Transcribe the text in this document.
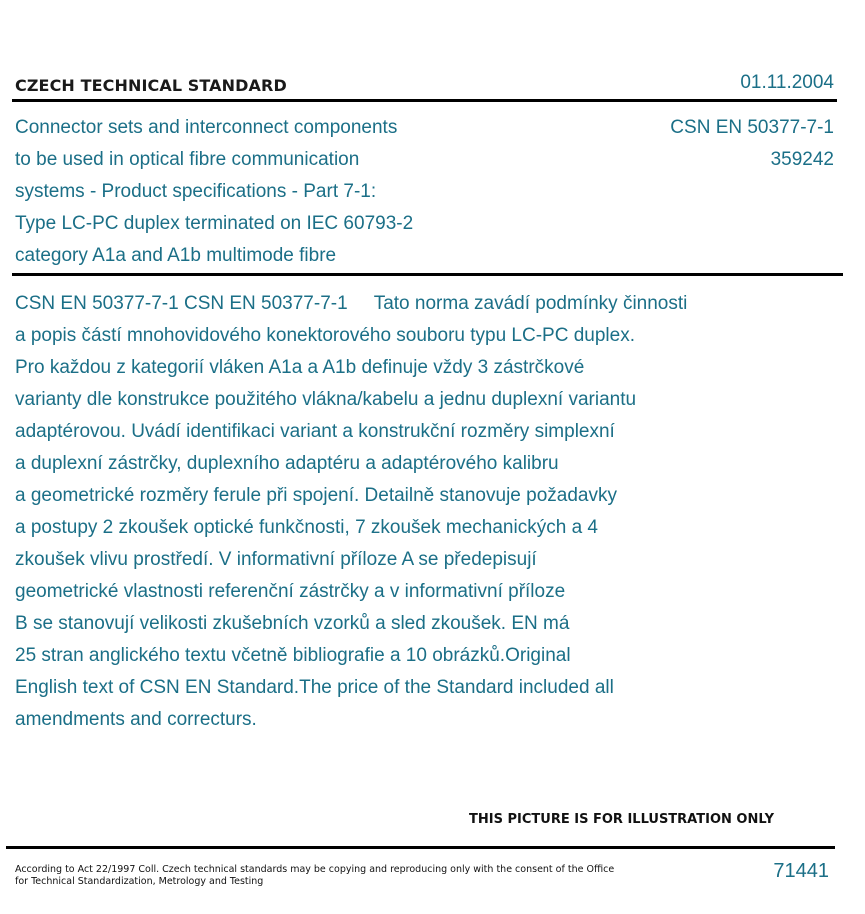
CZECH TECHNICAL STANDARD	01.11.2004
Connector sets and interconnect components
to be used in optical fibre communication
systems - Product specifications - Part 7-1:
Type LC-PC duplex terminated on IEC 60793-2
category A1a and A1b multimode fibre
CSN EN 50377-7-1
359242
CSN EN 50377-7-1 CSN EN 50377-7-1     Tato norma zavádí podmínky činnosti
a popis částí mnohovidového konektorového souboru typu LC-PC duplex.
Pro každou z kategorií vláken A1a a A1b definuje vždy 3 zástrčkové
varianty dle konstrukce použitého vlákna/kabelu a jednu duplexní variantu
adaptérovou. Uvádí identifikaci variant a konstrukční rozměry simplexní
a duplexní zástrčky, duplexního adaptéru a adaptérového kalibru
a geometrické rozměry ferule při spojení. Detailně stanovuje požadavky
a postupy 2 zkoušek optické funkčnosti, 7 zkoušek mechanických a 4
zkoušek vlivu prostředí. V informativní příloze A se předepisují
geometrické vlastnosti referenční zástrčky a v informativní příloze
B se stanovují velikosti zkušebních vzorků a sled zkoušek. EN má
25 stran anglického textu včetně bibliografie a 10 obrázků.Original
English text of CSN EN Standard.The price of the Standard included all
amendments and correcturs.
THIS PICTURE IS FOR ILLUSTRATION ONLY
According to Act 22/1997 Coll. Czech technical standards may be copying and reproducing only with the consent of the Office
for Technical Standardization, Metrology and Testing	71441
